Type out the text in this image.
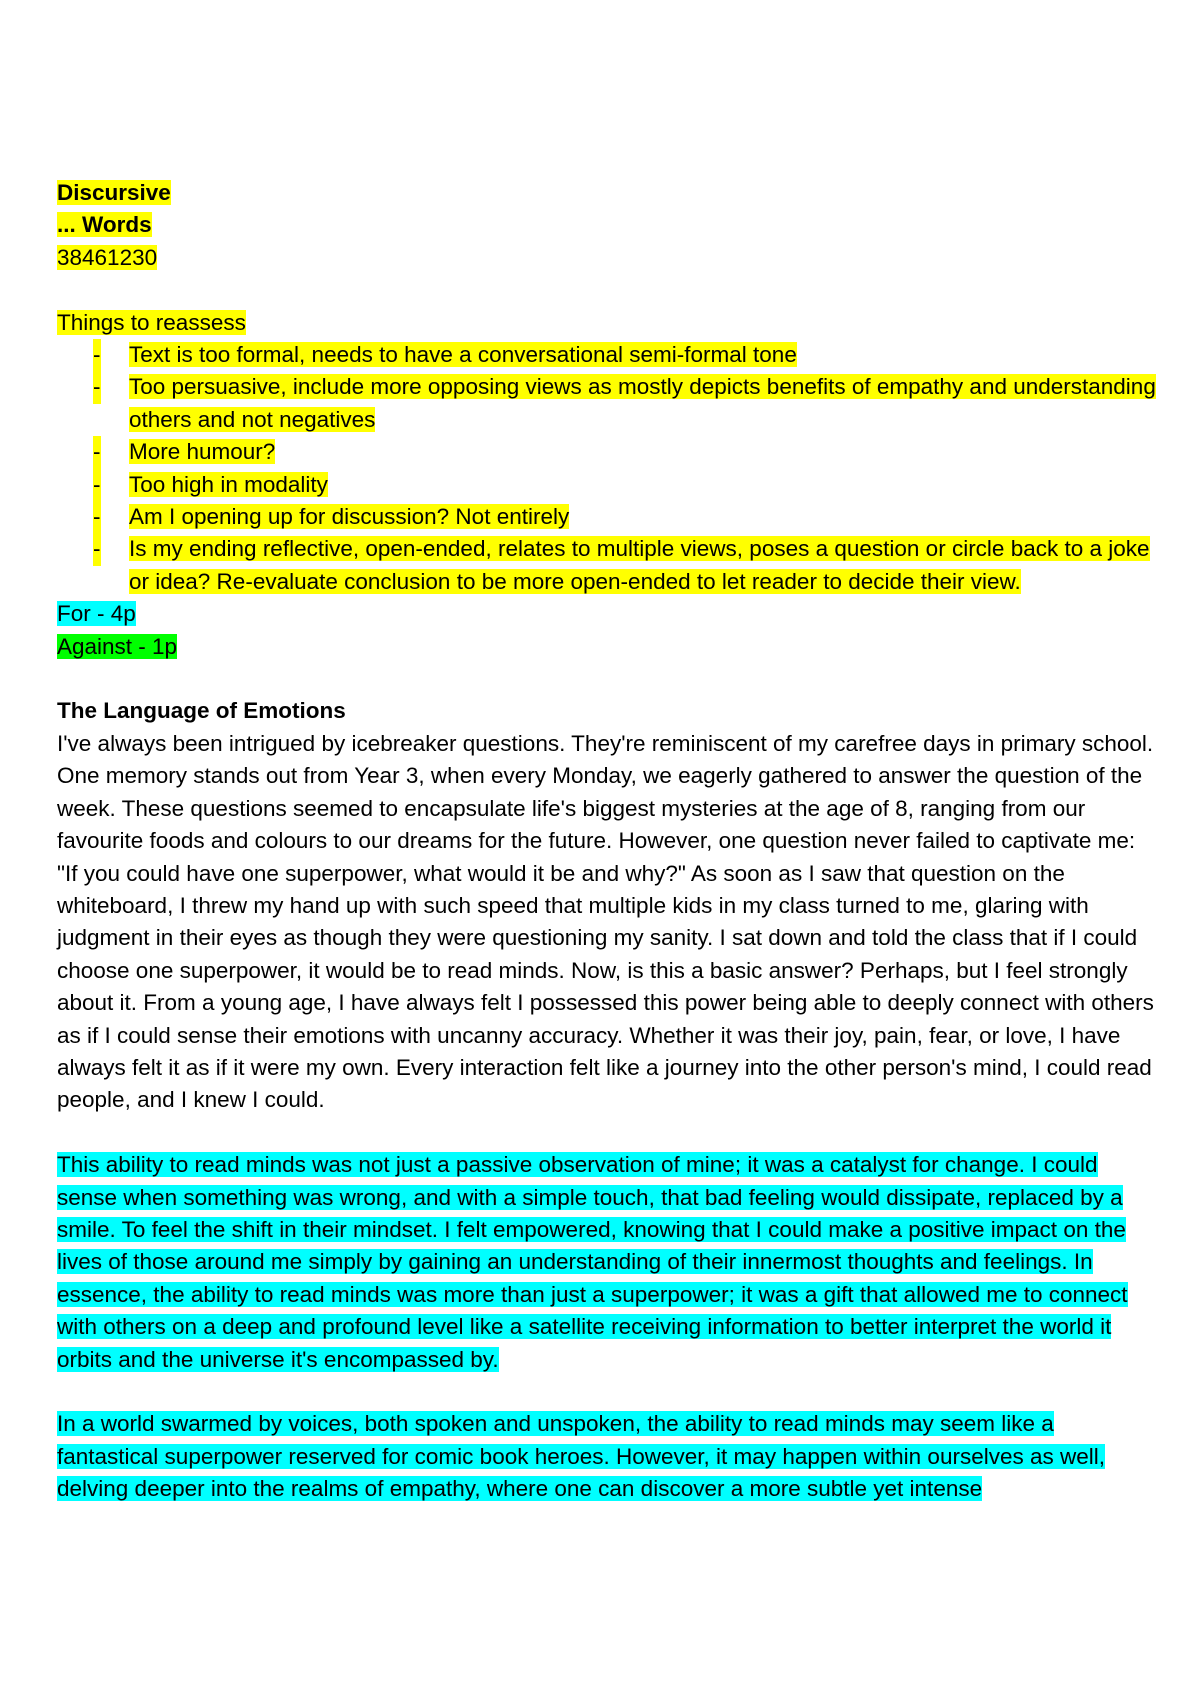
Discursive
... Words
38461230
Things to reassess
- Text is too formal, needs to have a conversational semi-formal tone
- Too persuasive, include more opposing views as mostly depicts benefits of empathy and understanding others and not negatives
- More humour?
- Too high in modality
- Am I opening up for discussion? Not entirely
- Is my ending reflective, open-ended, relates to multiple views, poses a question or circle back to a joke or idea? Re-evaluate conclusion to be more open-ended to let reader to decide their view.
For - 4p
Against - 1p
The Language of Emotions

I've always been intrigued by icebreaker questions. They're reminiscent of my carefree days in primary school. One memory stands out from Year 3, when every Monday, we eagerly gathered to answer the question of the week. These questions seemed to encapsulate life's biggest mysteries at the age of 8, ranging from our favourite foods and colours to our dreams for the future. However, one question never failed to captivate me: "If you could have one superpower, what would it be and why?" As soon as I saw that question on the whiteboard, I threw my hand up with such speed that multiple kids in my class turned to me, glaring with judgment in their eyes as though they were questioning my sanity. I sat down and told the class that if I could choose one superpower, it would be to read minds. Now, is this a basic answer? Perhaps, but I feel strongly about it. From a young age, I have always felt I possessed this power being able to deeply connect with others as if I could sense their emotions with uncanny accuracy. Whether it was their joy, pain, fear, or love, I have always felt it as if it were my own. Every interaction felt like a journey into the other person's mind, I could read people, and I knew I could.

This ability to read minds was not just a passive observation of mine; it was a catalyst for change. I could sense when something was wrong, and with a simple touch, that bad feeling would dissipate, replaced by a smile. To feel the shift in their mindset. I felt empowered, knowing that I could make a positive impact on the lives of those around me simply by gaining an understanding of their innermost thoughts and feelings. In essence, the ability to read minds was more than just a superpower; it was a gift that allowed me to connect with others on a deep and profound level like a satellite receiving information to better interpret the world it orbits and the universe it's encompassed by.

In a world swarmed by voices, both spoken and unspoken, the ability to read minds may seem like a fantastical superpower reserved for comic book heroes. However, it may happen within ourselves as well, delving deeper into the realms of empathy, where one can discover a more subtle yet intense
